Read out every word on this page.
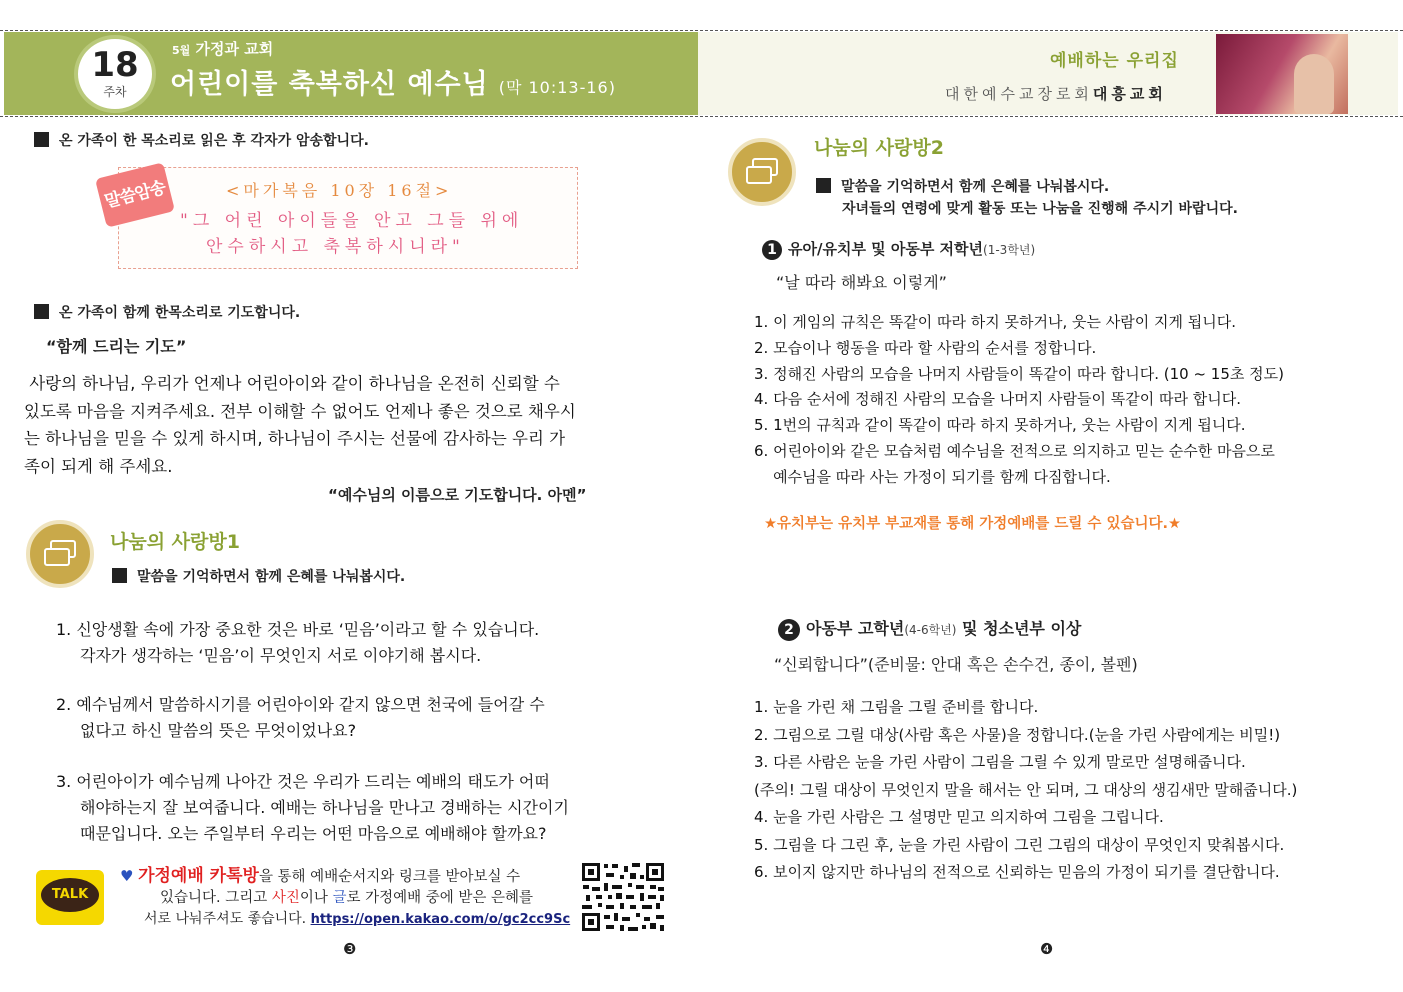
18
주차
5월 가정과 교회
어린이를 축복하신 예수님 (막 10:13-16)
예배하는 우리집
대한예수교장로회대흥교회
온 가족이 한 목소리로 읽은 후 각자가 암송합니다.
말씀암송	<마가복음 10장 16절>
"그 어린 아이들을 안고 그들 위에
안수하시고 축복하시니라"
온 가족이 함께 한목소리로 기도합니다.
“함께 드리는 기도”
사랑의 하나님, 우리가 언제나 어린아이와 같이 하나님을 온전히 신뢰할 수
있도록 마음을 지켜주세요. 전부 이해할 수 없어도 언제나 좋은 것으로 채우시
는 하나님을 믿을 수 있게 하시며, 하나님이 주시는 선물에 감사하는 우리 가
족이 되게 해 주세요.
“예수님의 이름으로 기도합니다. 아멘”
나눔의 사랑방1
말씀을 기억하면서 함께 은혜를 나눠봅시다.
1. 신앙생활 속에 가장 중요한 것은 바로 ‘믿음’이라고 할 수 있습니다.
각자가 생각하는 ‘믿음’이 무엇인지 서로 이야기해 봅시다.
2. 예수님께서 말씀하시기를 어린아이와 같지 않으면 천국에 들어갈 수
없다고 하신 말씀의 뜻은 무엇이었나요?
3. 어린아이가 예수님께 나아간 것은 우리가 드리는 예배의 태도가 어떠
해야하는지 잘 보여줍니다. 예배는 하나님을 만나고 경배하는 시간이기
때문입니다. 오는 주일부터 우리는 어떤 마음으로 예배해야 할까요?
TALK
♥ 가정예배 카톡방을 통해 예배순서지와 링크를 받아보실 수
있습니다. 그리고 사진이나 글로 가정예배 중에 받은 은혜를
서로 나눠주셔도 좋습니다. https://open.kakao.com/o/gc2cc9Sc
❸
나눔의 사랑방2
말씀을 기억하면서 함께 은혜를 나눠봅시다.
자녀들의 연령에 맞게 활동 또는 나눔을 진행해 주시기 바랍니다.
1 유아/유치부 및 아동부 저학년(1-3학년)
“날 따라 해봐요 이렇게”
1. 이 게임의 규칙은 똑같이 따라 하지 못하거나, 웃는 사람이 지게 됩니다.
2. 모습이나 행동을 따라 할 사람의 순서를 정합니다.
3. 정해진 사람의 모습을 나머지 사람들이 똑같이 따라 합니다. (10 ~ 15초 정도)
4. 다음 순서에 정해진 사람의 모습을 나머지 사람들이 똑같이 따라 합니다.
5. 1번의 규칙과 같이 똑같이 따라 하지 못하거나, 웃는 사람이 지게 됩니다.
6. 어린아이와 같은 모습처럼 예수님을 전적으로 의지하고 믿는 순수한 마음으로
예수님을 따라 사는 가정이 되기를 함께 다짐합니다.
★유치부는 유치부 부교재를 통해 가정예배를 드릴 수 있습니다.★
2 아동부 고학년(4-6학년) 및 청소년부 이상
“신뢰합니다”(준비물: 안대 혹은 손수건, 종이, 볼펜)
1. 눈을 가린 채 그림을 그릴 준비를 합니다.
2. 그림으로 그릴 대상(사람 혹은 사물)을 정합니다.(눈을 가린 사람에게는 비밀!)
3. 다른 사람은 눈을 가린 사람이 그림을 그릴 수 있게 말로만 설명해줍니다.
(주의! 그릴 대상이 무엇인지 말을 해서는 안 되며, 그 대상의 생김새만 말해줍니다.)
4. 눈을 가린 사람은 그 설명만 믿고 의지하여 그림을 그립니다.
5. 그림을 다 그린 후, 눈을 가린 사람이 그린 그림의 대상이 무엇인지 맞춰봅시다.
6. 보이지 않지만 하나님의 전적으로 신뢰하는 믿음의 가정이 되기를 결단합니다.
❹
